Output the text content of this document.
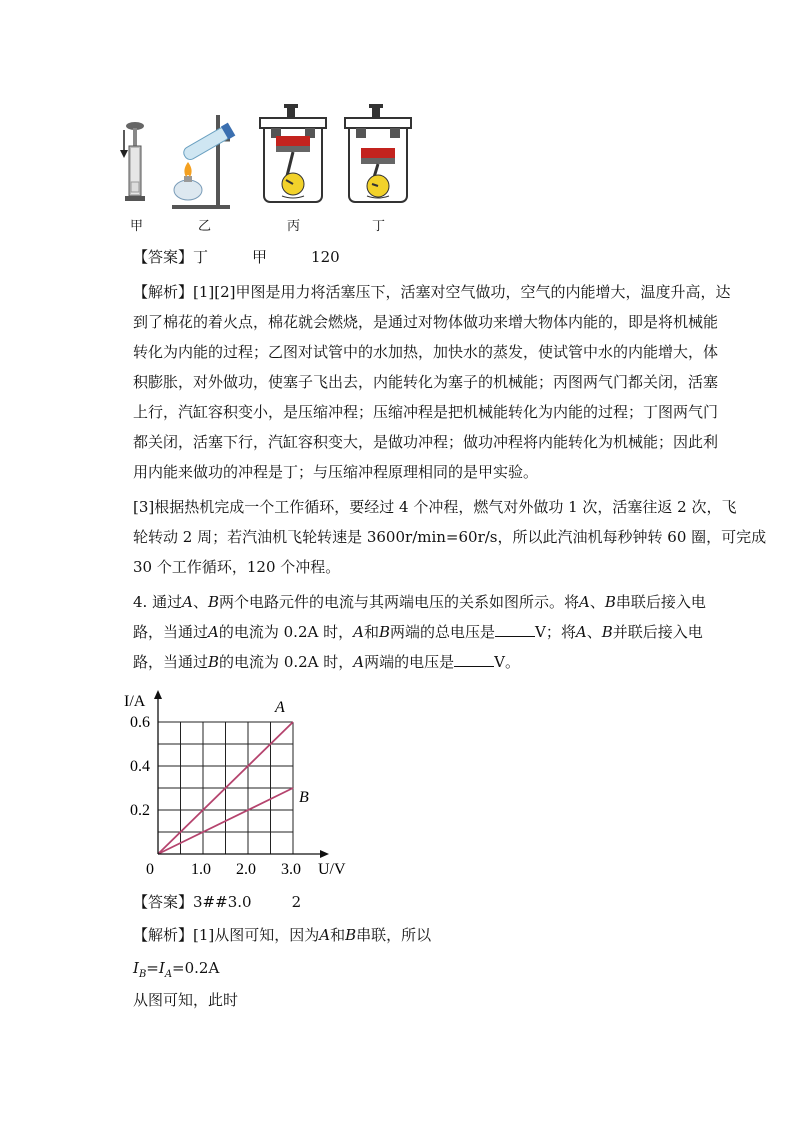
甲	乙	丙	丁
【答案】丁	甲	120
【解析】[1][2]甲图是用力将活塞压下，活塞对空气做功，空气的内能增大，温度升高，达
到了棉花的着火点，棉花就会燃烧，是通过对物体做功来增大物体内能的，即是将机械能
转化为内能的过程；乙图对试管中的水加热，加快水的蒸发，使试管中水的内能增大，体
积膨胀，对外做功，使塞子飞出去，内能转化为塞子的机械能；丙图两气门都关闭，活塞
上行，汽缸容积变小，是压缩冲程；压缩冲程是把机械能转化为内能的过程；丁图两气门
都关闭，活塞下行，汽缸容积变大，是做功冲程；做功冲程将内能转化为机械能；因此利
用内能来做功的冲程是丁；与压缩冲程原理相同的是甲实验。
[3]根据热机完成一个工作循环，要经过 4 个冲程，燃气对外做功 1 次，活塞往返 2 次，飞
轮转动 2 周；若汽油机飞轮转速是 3600r/min=60r/s，所以此汽油机每秒钟转 60 圈，可完成
30 个工作循环，120 个冲程。
4. 通过A、B两个电路元件的电流与其两端电压的关系如图所示。将A、B串联后接入电
路，当通过A的电流为 0.2A 时，A和B两端的总电压是	V；将A、B并联后接入电
路，当通过B的电流为 0.2A 时，A两端的电压是	V。
I/A
U/V
0 1.0 2.0 3.0
0.2
0.4
0.6
A
B
【答案】3##3.0	2
【解析】[1]从图可知，因为A和B串联，所以
$I_B=I_A=0.2A$
从图可知，此时
